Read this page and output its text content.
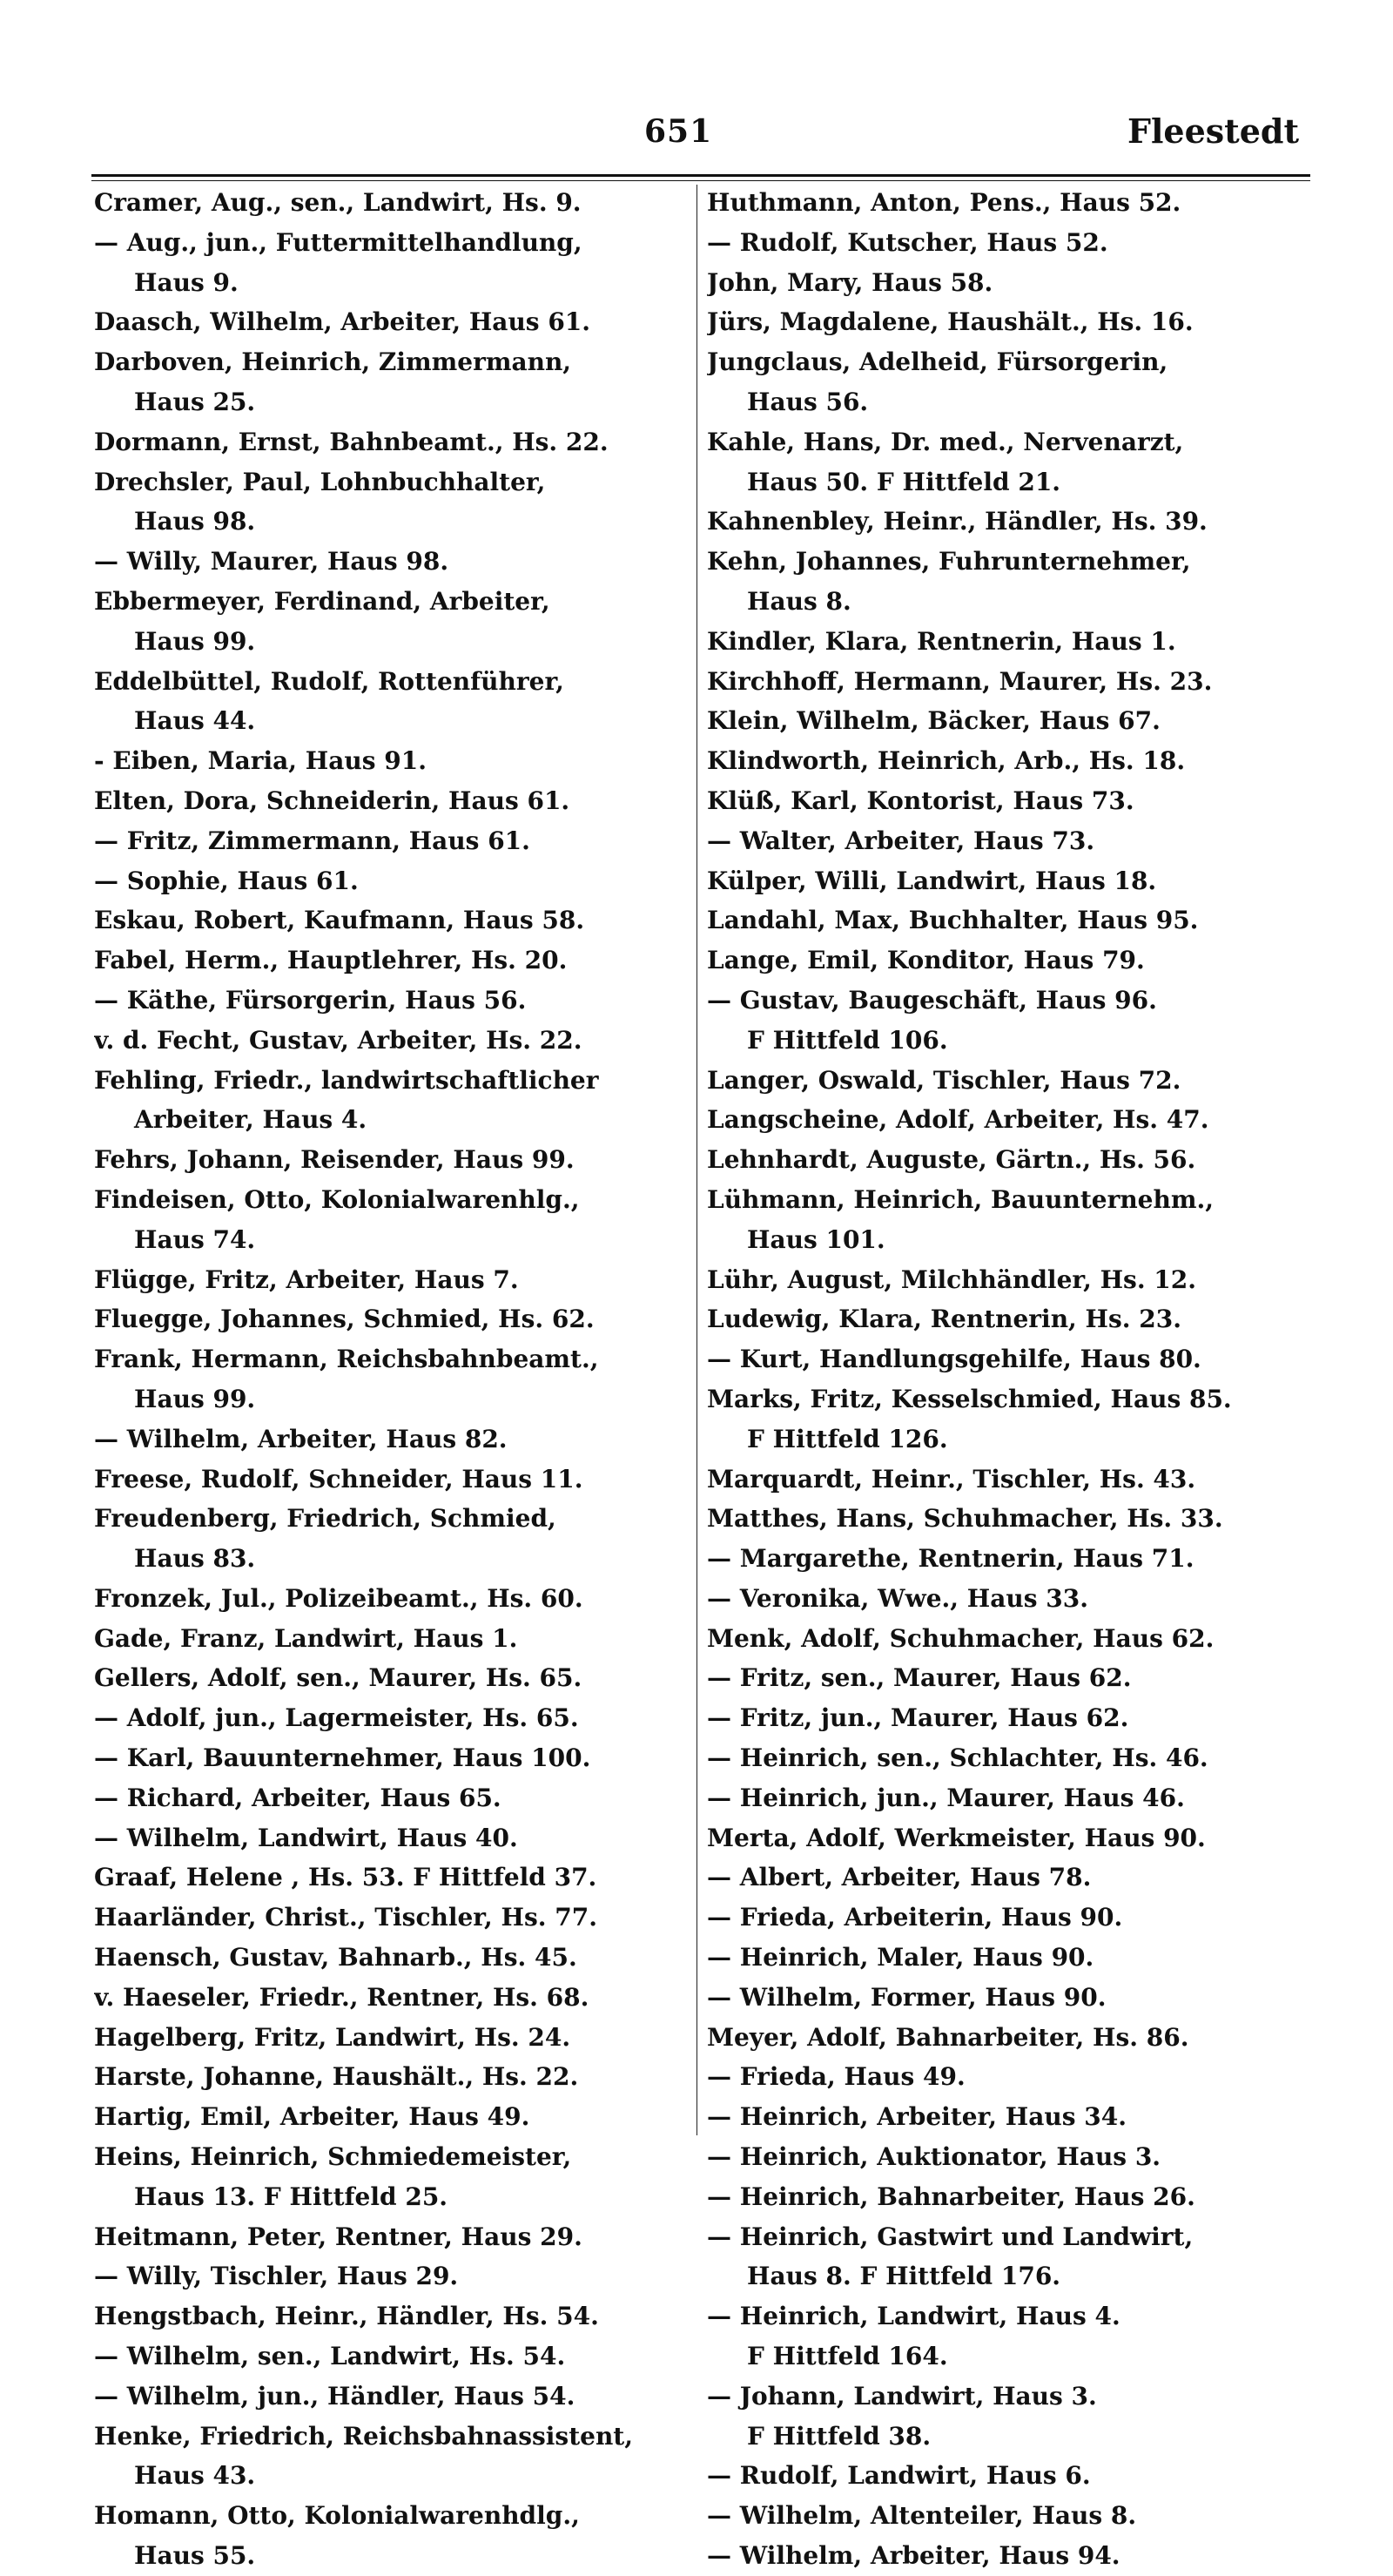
651	Fleestedt
Cramer, Aug., sen., Landwirt, Hs. 9.
— Aug., jun., Futtermittelhandlung,
Haus 9.
Daasch, Wilhelm, Arbeiter, Haus 61.
Darboven, Heinrich, Zimmermann,
Haus 25.
Dormann, Ernst, Bahnbeamt., Hs. 22.
Drechsler, Paul, Lohnbuchhalter,
Haus 98.
— Willy, Maurer, Haus 98.
Ebbermeyer, Ferdinand, Arbeiter,
Haus 99.
Eddelbüttel, Rudolf, Rottenführer,
Haus 44.
- Eiben, Maria, Haus 91.
Elten, Dora, Schneiderin, Haus 61.
— Fritz, Zimmermann, Haus 61.
— Sophie, Haus 61.
Eskau, Robert, Kaufmann, Haus 58.
Fabel, Herm., Hauptlehrer, Hs. 20.
— Käthe, Fürsorgerin, Haus 56.
v. d. Fecht, Gustav, Arbeiter, Hs. 22.
Fehling, Friedr., landwirtschaftlicher
Arbeiter, Haus 4.
Fehrs, Johann, Reisender, Haus 99.
Findeisen, Otto, Kolonialwarenhlg.,
Haus 74.
Flügge, Fritz, Arbeiter, Haus 7.
Fluegge, Johannes, Schmied, Hs. 62.
Frank, Hermann, Reichsbahnbeamt.,
Haus 99.
— Wilhelm, Arbeiter, Haus 82.
Freese, Rudolf, Schneider, Haus 11.
Freudenberg, Friedrich, Schmied,
Haus 83.
Fronzek, Jul., Polizeibeamt., Hs. 60.
Gade, Franz, Landwirt, Haus 1.
Gellers, Adolf, sen., Maurer, Hs. 65.
— Adolf, jun., Lagermeister, Hs. 65.
— Karl, Bauunternehmer, Haus 100.
— Richard, Arbeiter, Haus 65.
— Wilhelm, Landwirt, Haus 40.
Graaf, Helene , Hs. 53. F Hittfeld 37.
Haarländer, Christ., Tischler, Hs. 77.
Haensch, Gustav, Bahnarb., Hs. 45.
v. Haeseler, Friedr., Rentner, Hs. 68.
Hagelberg, Fritz, Landwirt, Hs. 24.
Harste, Johanne, Haushält., Hs. 22.
Hartig, Emil, Arbeiter, Haus 49.
Heins, Heinrich, Schmiedemeister,
Haus 13. F Hittfeld 25.
Heitmann, Peter, Rentner, Haus 29.
— Willy, Tischler, Haus 29.
Hengstbach, Heinr., Händler, Hs. 54.
— Wilhelm, sen., Landwirt, Hs. 54.
— Wilhelm, jun., Händler, Haus 54.
Henke, Friedrich, Reichsbahnassistent,
Haus 43.
Homann, Otto, Kolonialwarenhdlg.,
Haus 55.
Huthmann, Anton, Pens., Haus 52.
— Rudolf, Kutscher, Haus 52.
John, Mary, Haus 58.
Jürs, Magdalene, Haushält., Hs. 16.
Jungclaus, Adelheid, Fürsorgerin,
Haus 56.
Kahle, Hans, Dr. med., Nervenarzt,
Haus 50. F Hittfeld 21.
Kahnenbley, Heinr., Händler, Hs. 39.
Kehn, Johannes, Fuhrunternehmer,
Haus 8.
Kindler, Klara, Rentnerin, Haus 1.
Kirchhoff, Hermann, Maurer, Hs. 23.
Klein, Wilhelm, Bäcker, Haus 67.
Klindworth, Heinrich, Arb., Hs. 18.
Klüß, Karl, Kontorist, Haus 73.
— Walter, Arbeiter, Haus 73.
Külper, Willi, Landwirt, Haus 18.
Landahl, Max, Buchhalter, Haus 95.
Lange, Emil, Konditor, Haus 79.
— Gustav, Baugeschäft, Haus 96.
F Hittfeld 106.
Langer, Oswald, Tischler, Haus 72.
Langscheine, Adolf, Arbeiter, Hs. 47.
Lehnhardt, Auguste, Gärtn., Hs. 56.
Lühmann, Heinrich, Bauunternehm.,
Haus 101.
Lühr, August, Milchhändler, Hs. 12.
Ludewig, Klara, Rentnerin, Hs. 23.
— Kurt, Handlungsgehilfe, Haus 80.
Marks, Fritz, Kesselschmied, Haus 85.
F Hittfeld 126.
Marquardt, Heinr., Tischler, Hs. 43.
Matthes, Hans, Schuhmacher, Hs. 33.
— Margarethe, Rentnerin, Haus 71.
— Veronika, Wwe., Haus 33.
Menk, Adolf, Schuhmacher, Haus 62.
— Fritz, sen., Maurer, Haus 62.
— Fritz, jun., Maurer, Haus 62.
— Heinrich, sen., Schlachter, Hs. 46.
— Heinrich, jun., Maurer, Haus 46.
Merta, Adolf, Werkmeister, Haus 90.
— Albert, Arbeiter, Haus 78.
— Frieda, Arbeiterin, Haus 90.
— Heinrich, Maler, Haus 90.
— Wilhelm, Former, Haus 90.
Meyer, Adolf, Bahnarbeiter, Hs. 86.
— Frieda, Haus 49.
— Heinrich, Arbeiter, Haus 34.
— Heinrich, Auktionator, Haus 3.
— Heinrich, Bahnarbeiter, Haus 26.
— Heinrich, Gastwirt und Landwirt,
Haus 8. F Hittfeld 176.
— Heinrich, Landwirt, Haus 4.
F Hittfeld 164.
— Johann, Landwirt, Haus 3.
F Hittfeld 38.
— Rudolf, Landwirt, Haus 6.
— Wilhelm, Altenteiler, Haus 8.
— Wilhelm, Arbeiter, Haus 94.
